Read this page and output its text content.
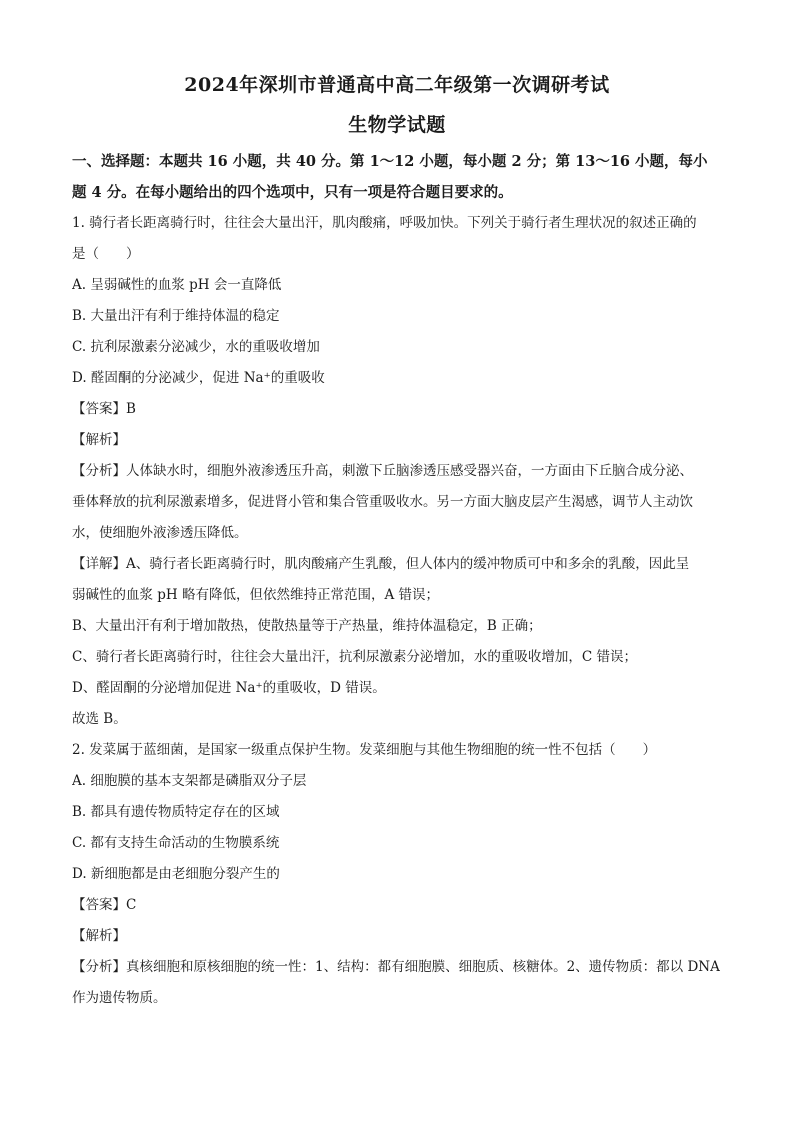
2024年深圳市普通高中高二年级第一次调研考试
生物学试题
一、选择题：本题共 16 小题，共 40 分。第 1～12 小题，每小题 2 分；第 13～16 小题，每小
题 4 分。在每小题给出的四个选项中，只有一项是符合题目要求的。
1. 骑行者长距离骑行时，往往会大量出汗，肌肉酸痛，呼吸加快。下列关于骑行者生理状况的叙述正确的
是（　　）
A. 呈弱碱性的血浆 pH 会一直降低
B. 大量出汗有利于维持体温的稳定
C. 抗利尿激素分泌减少，水的重吸收增加
D. 醛固酮的分泌减少，促进 Na⁺的重吸收
【答案】B
【解析】
【分析】人体缺水时，细胞外液渗透压升高，刺激下丘脑渗透压感受器兴奋，一方面由下丘脑合成分泌、
垂体释放的抗利尿激素增多，促进肾小管和集合管重吸收水。另一方面大脑皮层产生渴感，调节人主动饮
水，使细胞外液渗透压降低。
【详解】A、骑行者长距离骑行时，肌肉酸痛产生乳酸，但人体内的缓冲物质可中和多余的乳酸，因此呈
弱碱性的血浆 pH 略有降低，但依然维持正常范围，A 错误；
B、大量出汗有利于增加散热，使散热量等于产热量，维持体温稳定，B 正确；
C、骑行者长距离骑行时，往往会大量出汗，抗利尿激素分泌增加，水的重吸收增加，C 错误；
D、醛固酮的分泌增加促进 Na⁺的重吸收，D 错误。
故选 B。
2. 发菜属于蓝细菌，是国家一级重点保护生物。发菜细胞与其他生物细胞的统一性不包括（　　）
A. 细胞膜的基本支架都是磷脂双分子层
B. 都具有遗传物质特定存在的区域
C. 都有支持生命活动的生物膜系统
D. 新细胞都是由老细胞分裂产生的
【答案】C
【解析】
【分析】真核细胞和原核细胞的统一性：1、结构：都有细胞膜、细胞质、核糖体。2、遗传物质：都以 DNA
作为遗传物质。
